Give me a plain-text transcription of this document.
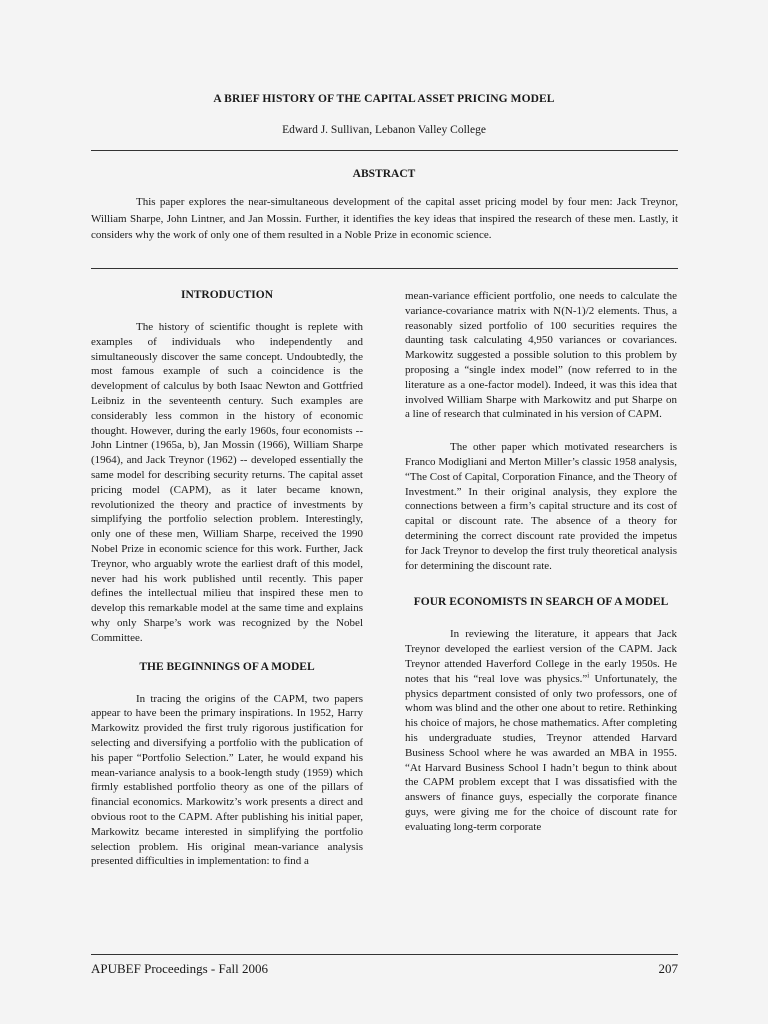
A BRIEF HISTORY OF THE CAPITAL ASSET PRICING MODEL
Edward J. Sullivan, Lebanon Valley College
ABSTRACT

This paper explores the near-simultaneous development of the capital asset pricing model by four men: Jack Treynor, William Sharpe, John Lintner, and Jan Mossin. Further, it identifies the key ideas that inspired the research of these men. Lastly, it considers why the work of only one of them resulted in a Noble Prize in economic science.

INTRODUCTION

The history of scientific thought is replete with examples of individuals who independently and simultaneously discover the same concept. Undoubtedly, the most famous example of such a coincidence is the development of calculus by both Isaac Newton and Gottfried Leibniz in the seventeenth century. Such examples are considerably less common in the history of economic thought. However, during the early 1960s, four economists -- John Lintner (1965a, b), Jan Mossin (1966), William Sharpe (1964), and Jack Treynor (1962) -- developed essentially the same model for describing security returns. The capital asset pricing model (CAPM), as it later became known, revolutionized the theory and practice of investments by simplifying the portfolio selection problem. Interestingly, only one of these men, William Sharpe, received the 1990 Nobel Prize in economic science for this work. Further, Jack Treynor, who arguably wrote the earliest draft of this model, never had his work published until recently. This paper defines the intellectual milieu that inspired these men to develop this remarkable model at the same time and explains why only Sharpe’s work was recognized by the Nobel Committee.

THE BEGINNINGS OF A MODEL

In tracing the origins of the CAPM, two papers appear to have been the primary inspirations. In 1952, Harry Markowitz provided the first truly rigorous justification for selecting and diversifying a portfolio with the publication of his paper “Portfolio Selection.” Later, he would expand his mean-variance analysis to a book-length study (1959) which firmly established portfolio theory as one of the pillars of financial economics. Markowitz’s work presents a direct and obvious root to the CAPM. After publishing his initial paper, Markowitz became interested in simplifying the portfolio selection problem. His original mean-variance analysis presented difficulties in implementation: to find a

mean-variance efficient portfolio, one needs to calculate the variance-covariance matrix with N(N-1)/2 elements. Thus, a reasonably sized portfolio of 100 securities requires the daunting task calculating 4,950 variances or covariances. Markowitz suggested a possible solution to this problem by proposing a “single index model” (now referred to in the literature as a one-factor model). Indeed, it was this idea that involved William Sharpe with Markowitz and put Sharpe on a line of research that culminated in his version of CAPM.

The other paper which motivated researchers is Franco Modigliani and Merton Miller’s classic 1958 analysis, “The Cost of Capital, Corporation Finance, and the Theory of Investment.” In their original analysis, they explore the connections between a firm’s capital structure and its cost of capital or discount rate. The absence of a theory for determining the correct discount rate provided the impetus for Jack Treynor to develop the first truly theoretical analysis for determining the discount rate.

FOUR ECONOMISTS IN SEARCH OF A MODEL

In reviewing the literature, it appears that Jack Treynor developed the earliest version of the CAPM. Jack Treynor attended Haverford College in the early 1950s. He notes that his “real love was physics.”$^i$ Unfortunately, the physics department consisted of only two professors, one of whom was blind and the other one about to retire. Rethinking his choice of majors, he chose mathematics. After completing his undergraduate studies, Treynor attended Harvard Business School where he was awarded an MBA in 1955. “At Harvard Business School I hadn’t begun to think about the CAPM problem except that I was dissatisfied with the answers of finance guys, especially the corporate finance guys, were giving me for the choice of discount rate for evaluating long-term corporate

APUBEF Proceedings - Fall 2006	207
